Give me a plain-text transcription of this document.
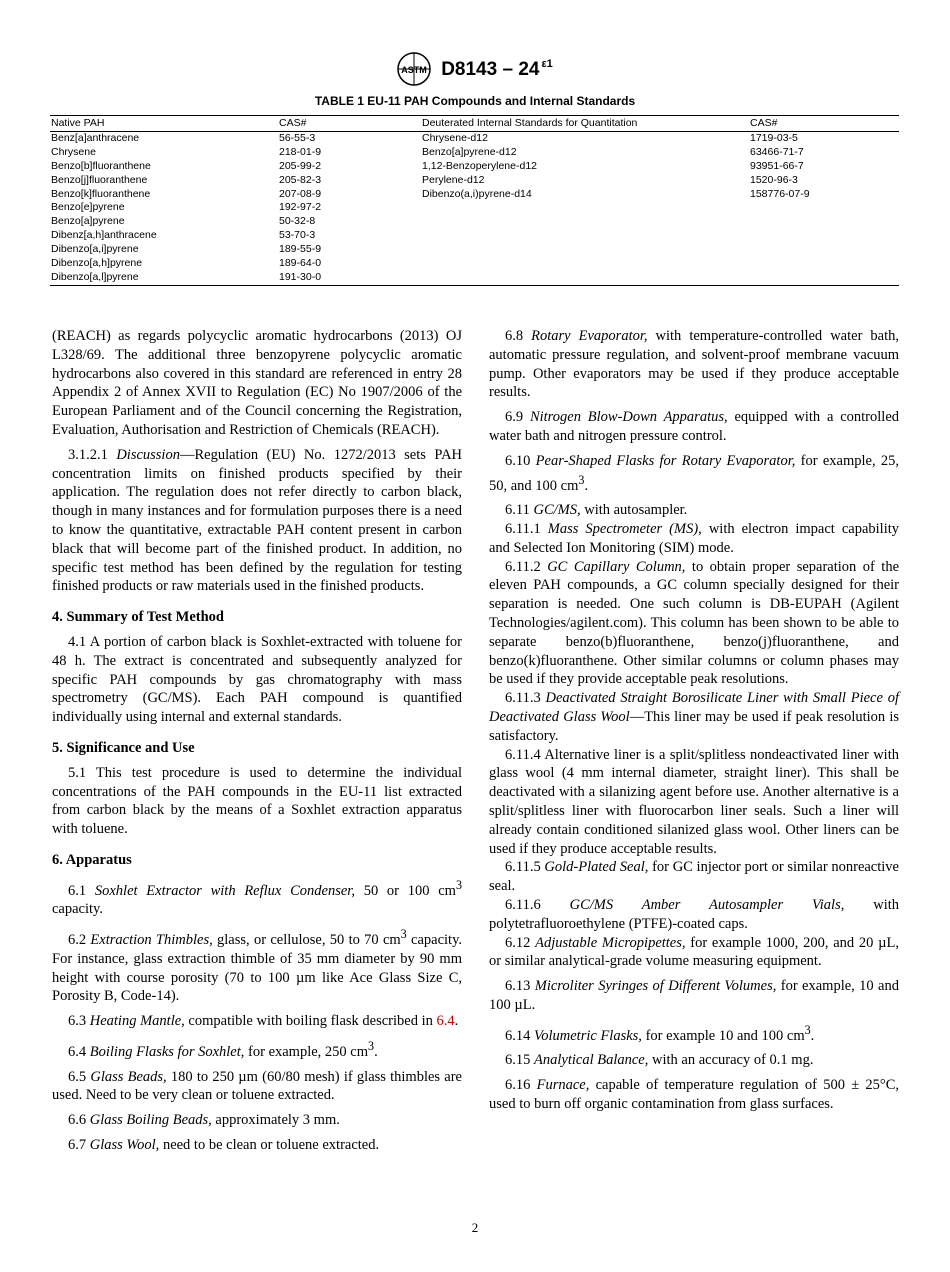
ASTM D8143 – 24 $^{\varepsilon 1}$
TABLE 1 EU-11 PAH Compounds and Internal Standards
Native PAH	CAS#	Deuterated Internal Standards for Quantitation	CAS#
Benz[a]anthracene	56-55-3	Chrysene-d12	1719-03-5
Chrysene	218-01-9	Benzo[a]pyrene-d12	63466-71-7
Benzo[b]fluoranthene	205-99-2	1,12-Benzoperylene-d12	93951-66-7
Benzo[j]fluoranthene	205-82-3	Perylene-d12	1520-96-3
Benzo[k]fluoranthene	207-08-9	Dibenzo(a,i)pyrene-d14	158776-07-9
Benzo[e]pyrene	192-97-2		
Benzo[a]pyrene	50-32-8		
Dibenz[a,h]anthracene	53-70-3		
Dibenzo[a,i]pyrene	189-55-9		
Dibenzo[a,h]pyrene	189-64-0		
Dibenzo[a,l]pyrene	191-30-0		

(REACH) as regards polycyclic aromatic hydrocarbons (2013) OJ L328/69. The additional three benzopyrene polycyclic aromatic hydrocarbons also covered in this standard are referenced in entry 28 Appendix 2 of Annex XVII to Regulation (EC) No 1907/2006 of the European Parliament and of the Council concerning the Registration, Evaluation, Authorisation and Restriction of Chemicals (REACH).

3.1.2.1 Discussion—Regulation (EU) No. 1272/2013 sets PAH concentration limits on finished products specified by their application. The regulation does not refer directly to carbon black, though in many instances and for formulation purposes there is a need to know the quantitative, extractable PAH content present in carbon black that will become part of the finished product. In addition, no specific test method has been defined by the regulation for testing finished products or raw materials used in the finished products.

4. Summary of Test Method

4.1 A portion of carbon black is Soxhlet-extracted with toluene for 48 h. The extract is concentrated and subsequently analyzed for specific PAH compounds by gas chromatography with mass spectrometry (GC/MS). Each PAH compound is quantified individually using internal and external standards.

5. Significance and Use

5.1 This test procedure is used to determine the individual concentrations of the PAH compounds in the EU-11 list extracted from carbon black by the means of a Soxhlet extraction apparatus with toluene.

6. Apparatus

6.1 Soxhlet Extractor with Reflux Condenser, 50 or 100 $cm^3$ capacity.

6.2 Extraction Thimbles, glass, or cellulose, 50 to 70 $cm^3$ capacity. For instance, glass extraction thimble of 35 mm diameter by 90 mm height with course porosity (70 to 100 µm like Ace Glass Size C, Porosity B, Code-14).

6.3 Heating Mantle, compatible with boiling flask described in 6.4.

6.4 Boiling Flasks for Soxhlet, for example, 250 $cm^3$.

6.5 Glass Beads, 180 to 250 µm (60/80 mesh) if glass thimbles are used. Need to be very clean or toluene extracted.

6.6 Glass Boiling Beads, approximately 3 mm.

6.7 Glass Wool, need to be clean or toluene extracted.

6.8 Rotary Evaporator, with temperature-controlled water bath, automatic pressure regulation, and solvent-proof membrane vacuum pump. Other evaporators may be used if they produce acceptable results.

6.9 Nitrogen Blow-Down Apparatus, equipped with a controlled water bath and nitrogen pressure control.

6.10 Pear-Shaped Flasks for Rotary Evaporator, for example, 25, 50, and 100 $cm^3$.

6.11 GC/MS, with autosampler.

6.11.1 Mass Spectrometer (MS), with electron impact capability and Selected Ion Monitoring (SIM) mode.

6.11.2 GC Capillary Column, to obtain proper separation of the eleven PAH compounds, a GC column specially designed for their separation is needed. One such column is DB-EUPAH (Agilent Technologies/agilent.com). This column has been shown to be able to separate benzo(b)fluoranthene, benzo(j)fluoranthene, and benzo(k)fluoranthene. Other similar columns or column phases may be used if they provide acceptable peak resolutions.

6.11.3 Deactivated Straight Borosilicate Liner with Small Piece of Deactivated Glass Wool—This liner may be used if peak resolution is satisfactory.

6.11.4 Alternative liner is a split/splitless nondeactivated liner with glass wool (4 mm internal diameter, straight liner). This shall be deactivated with a silanizing agent before use. Another alternative is a split/splitless liner with fluorocarbon liner seals. Such a liner will already contain conditioned silanized glass wool. Other liners can be used if they produce acceptable results.

6.11.5 Gold-Plated Seal, for GC injector port or similar nonreactive seal.

6.11.6 GC/MS Amber Autosampler Vials, with polytetrafluoroethylene (PTFE)-coated caps.

6.12 Adjustable Micropipettes, for example 1000, 200, and 20 µL, or similar analytical-grade volume measuring equipment.

6.13 Microliter Syringes of Different Volumes, for example, 10 and 100 µL.

6.14 Volumetric Flasks, for example 10 and 100 $cm^3$.

6.15 Analytical Balance, with an accuracy of 0.1 mg.

6.16 Furnace, capable of temperature regulation of 500 ± 25°C, used to burn off organic contamination from glass surfaces.

2
